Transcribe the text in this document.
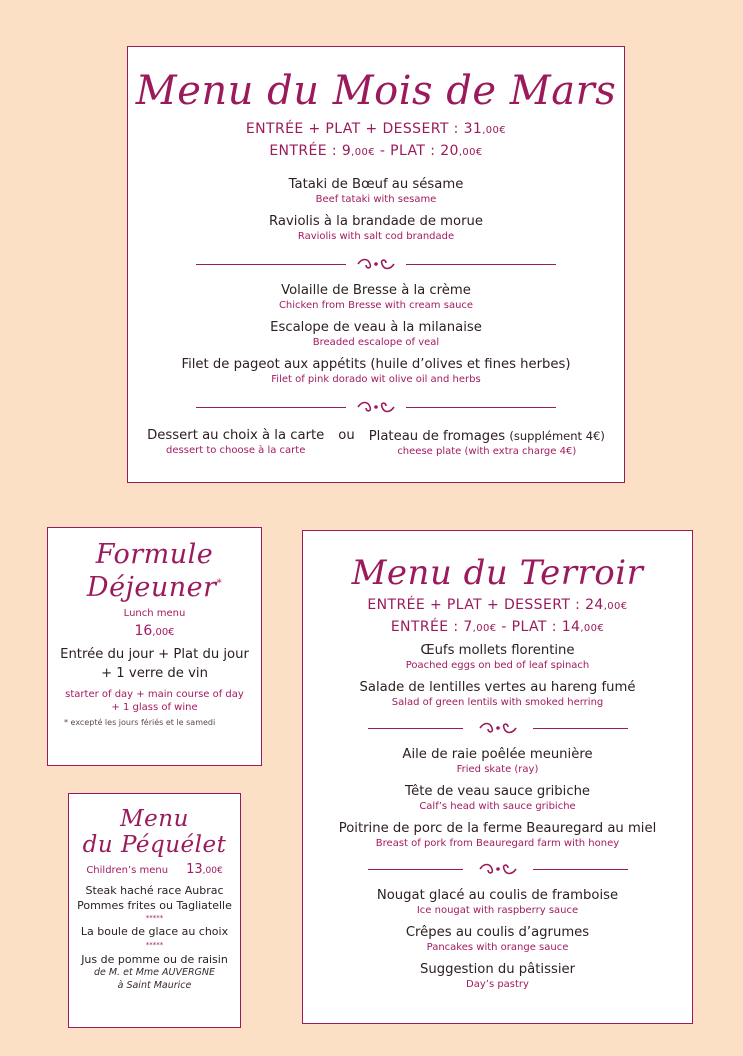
Menu du Mois de Mars
ENTRÉE + PLAT + DESSERT : 31,00€
ENTRÉE : 9,00€ - PLAT : 20,00€
Tataki de Bœuf au sésame
Beef tataki with sesame
Raviolis à la brandade de morue
Raviolis with salt cod brandade
Volaille de Bresse à la crème
Chicken from Bresse with cream sauce
Escalope de veau à la milanaise
Breaded escalope of veal
Filet de pageot aux appétits (huile d’olives et fines herbes)
Filet of pink dorado wit olive oil and herbs
Dessert au choix à la carte
dessert to choose à la carte
ou Plateau de fromages (supplément 4€)
cheese plate (with extra charge 4€)
Formule
Déjeuner*
Lunch menu
16,00€
Entrée du jour + Plat du jour
+ 1 verre de vin
starter of day + main course of day
+ 1 glass of wine
* excepté les jours fériés et le samedi
Menu
du Péquélet
Children’s menu 13,00€
Steak haché race Aubrac
Pommes frites ou Tagliatelle
*****
La boule de glace au choix
*****
Jus de pomme ou de raisin
de M. et Mme AUVERGNE
à Saint Maurice
Menu du Terroir
ENTRÉE + PLAT + DESSERT : 24,00€
ENTRÉE : 7,00€ - PLAT : 14,00€
Œufs mollets florentine
Poached eggs on bed of leaf spinach
Salade de lentilles vertes au hareng fumé
Salad of green lentils with smoked herring
Aile de raie poêlée meunière
Fried skate (ray)
Tête de veau sauce gribiche
Calf’s head with sauce gribiche
Poitrine de porc de la ferme Beauregard au miel
Breast of pork from Beauregard farm with honey
Nougat glacé au coulis de framboise
Ice nougat with raspberry sauce
Crêpes au coulis d’agrumes
Pancakes with orange sauce
Suggestion du pâtissier
Day’s pastry
